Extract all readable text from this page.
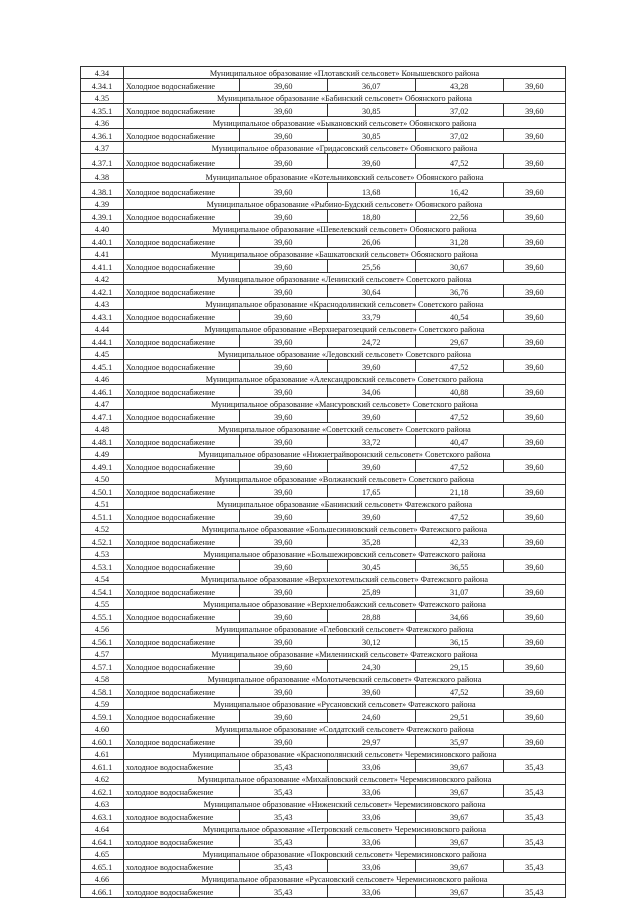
4.34	Муниципальное образование «Плотавский сельсовет» Конышевского района				
4.34.1	Холодное водоснабжение	39,60	36,07	43,28	39,60
4.35	Муниципальное образование «Бабинский сельсовет» Обоянского района				
4.35.1	Холодное водоснабжение	39,60	30,85	37,02	39,60
4.36	Муниципальное образование «Быкановский сельсовет» Обоянского района				
4.36.1	Холодное водоснабжение	39,60	30,85	37,02	39,60
4.37	Муниципальное образование «Гридасовский сельсовет» Обоянского района				
4.37.1	Холодное водоснабжение	39,60	39,60	47,52	39,60
4.38	Муниципальное образование «Котельниковский сельсовет» Обоянского района				
4.38.1	Холодное водоснабжение	39,60	13,68	16,42	39,60
4.39	Муниципальное образование «Рыбино-Будский сельсовет» Обоянского района				
4.39.1	Холодное водоснабжение	39,60	18,80	22,56	39,60
4.40	Муниципальное образование «Шевелевский сельсовет» Обоянского района				
4.40.1	Холодное водоснабжение	39,60	26,06	31,28	39,60
4.41	Муниципальное образование «Башкатовский сельсовет» Обоянского района				
4.41.1	Холодное водоснабжение	39,60	25,56	30,67	39,60
4.42	Муниципальное образование «Ленинский сельсовет» Советского района				
4.42.1	Холодное водоснабжение	39,60	30,64	36,76	39,60
4.43	Муниципальное образование «Краснодолинский сельсовет» Советского района				
4.43.1	Холодное водоснабжение	39,60	33,79	40,54	39,60
4.44	Муниципальное образование «Верхнерагозецкий сельсовет» Советского района				
4.44.1	Холодное водоснабжение	39,60	24,72	29,67	39,60
4.45	Муниципальное образование «Ледовский сельсовет» Советского района				
4.45.1	Холодное водоснабжение	39,60	39,60	47,52	39,60
4.46	Муниципальное образование «Александровский сельсовет» Советского района				
4.46.1	Холодное водоснабжение	39,60	34,06	40,88	39,60
4.47	Муниципальное образование «Мансуровский сельсовет» Советского района				
4.47.1	Холодное водоснабжение	39,60	39,60	47,52	39,60
4.48	Муниципальное образование «Советский сельсовет» Советского района				
4.48.1	Холодное водоснабжение	39,60	33,72	40,47	39,60
4.49	Муниципальное образование «Нижнеграйворонский сельсовет» Советского района				
4.49.1	Холодное водоснабжение	39,60	39,60	47,52	39,60
4.50	Муниципальное образование «Волжанский сельсовет» Советского района				
4.50.1	Холодное водоснабжение	39,60	17,65	21,18	39,60
4.51	Муниципальное образование «Банинский сельсовет» Фатежского района				
4.51.1	Холодное водоснабжение	39,60	39,60	47,52	39,60
4.52	Муниципальное образование «Большесинновский сельсовет» Фатежского района				
4.52.1	Холодное водоснабжение	39,60	35,28	42,33	39,60
4.53	Муниципальное образование «Большежировский сельсовет» Фатежского района				
4.53.1	Холодное водоснабжение	39,60	30,45	36,55	39,60
4.54	Муниципальное образование «Верхнехотемльский сельсовет» Фатежского района				
4.54.1	Холодное водоснабжение	39,60	25,89	31,07	39,60
4.55	Муниципальное образование «Верхнелюбажский сельсовет» Фатежского района				
4.55.1	Холодное водоснабжение	39,60	28,88	34,66	39,60
4.56	Муниципальное образование «Глебовский сельсовет» Фатежского района				
4.56.1	Холодное водоснабжение	39,60	30,12	36,15	39,60
4.57	Муниципальное образование «Миленинский сельсовет» Фатежского района				
4.57.1	Холодное водоснабжение	39,60	24,30	29,15	39,60
4.58	Муниципальное образование «Молотычевский сельсовет» Фатежского района				
4.58.1	Холодное водоснабжение	39,60	39,60	47,52	39,60
4.59	Муниципальное образование «Русановский сельсовет» Фатежского района				
4.59.1	Холодное водоснабжение	39,60	24,60	29,51	39,60
4.60	Муниципальное образование «Солдатский сельсовет» Фатежского района				
4.60.1	Холодное водоснабжение	39,60	29,97	35,97	39,60
4.61	Муниципальное образование «Краснополянский сельсовет» Черемисиновского района				
4.61.1	холодное водоснабжение	35,43	33,06	39,67	35,43
4.62	Муниципальное образование «Михайловский сельсовет» Черемисиновского района				
4.62.1	холодное водоснабжение	35,43	33,06	39,67	35,43
4.63	Муниципальное образование «Ниженский сельсовет» Черемисиновского района				
4.63.1	холодное водоснабжение	35,43	33,06	39,67	35,43
4.64	Муниципальное образование «Петровский сельсовет» Черемисиновского района				
4.64.1	холодное водоснабжение	35,43	33,06	39,67	35,43
4.65	Муниципальное образование «Покровский сельсовет» Черемисиновского района				
4.65.1	холодное водоснабжение	35,43	33,06	39,67	35,43
4.66	Муниципальное образование «Русановский сельсовет» Черемисиновского района				
4.66.1	холодное водоснабжение	35,43	33,06	39,67	35,43
